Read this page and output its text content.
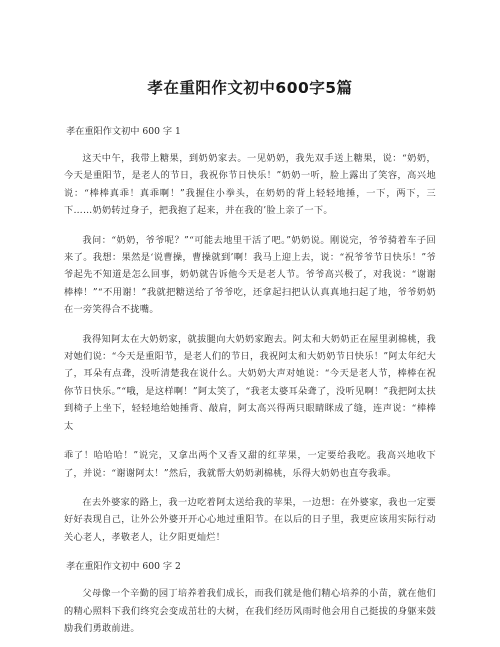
孝在重阳作文初中600字5篇

孝在重阳作文初中 600 字 1

这天中午，我带上糖果，到奶奶家去。一见奶奶，我先双手送上糖果，说：“奶奶，今天是重阳节，是老人的节日，我祝你节日快乐！”奶奶一听，脸上露出了笑容，高兴地说：“棒棒真乖！真乖啊！”我握住小拳头，在奶奶的背上轻轻地捶，一下，两下，三下……奶奶转过身子，把我抱了起来，并在我的’脸上亲了一下。

我问：“奶奶，爷爷呢？”“可能去地里干活了吧。”奶奶说。刚说完，爷爷骑着车子回来了。我想：果然是‘说曹操，曹操就到’啊！我马上迎上去，说：“祝爷爷节日快乐！”爷爷起先不知道是怎么回事，奶奶就告诉他今天是老人节。爷爷高兴极了，对我说：“谢谢棒棒！”“不用谢！”我就把糖送给了爷爷吃，还拿起扫把认认真真地扫起了地，爷爷奶奶在一旁笑得合不拢嘴。

我得知阿太在大奶奶家，就拔腿向大奶奶家跑去。阿太和大奶奶正在屋里剥棉桃，我对她们说：“今天是重阳节，是老人们的节日，我祝阿太和大奶奶节日快乐！”阿太年纪大了，耳朵有点聋，没听清楚我在说什么。大奶奶大声对她说：“今天是老人节，棒棒在祝你节日快乐。”“哦，是这样啊！”阿太笑了，“我老太婆耳朵聋了，没听见啊！”我把阿太扶到椅子上坐下，轻轻地给她捶背、敲肩，阿太高兴得两只眼睛眯成了缝，连声说：“棒棒太

乖了！哈哈哈！”说完，又拿出两个又香又甜的红苹果，一定要给我吃。我高兴地收下了，并说：“谢谢阿太！”然后，我就帮大奶奶剥棉桃，乐得大奶奶也直夸我乖。

在去外婆家的路上，我一边吃着阿太送给我的苹果，一边想：在外婆家，我也一定要好好表现自己，让外公外婆开开心心地过重阳节。在以后的日子里，我更应该用实际行动关心老人，孝敬老人，让夕阳更灿烂！

孝在重阳作文初中 600 字 2

父母像一个辛勤的园丁培养着我们成长，而我们就是他们精心培养的小苗，就在他们的精心照料下我们终究会变成茁壮的大树，在我们经历风雨时他会用自己挺拔的身躯来鼓励我们勇敢前进。
